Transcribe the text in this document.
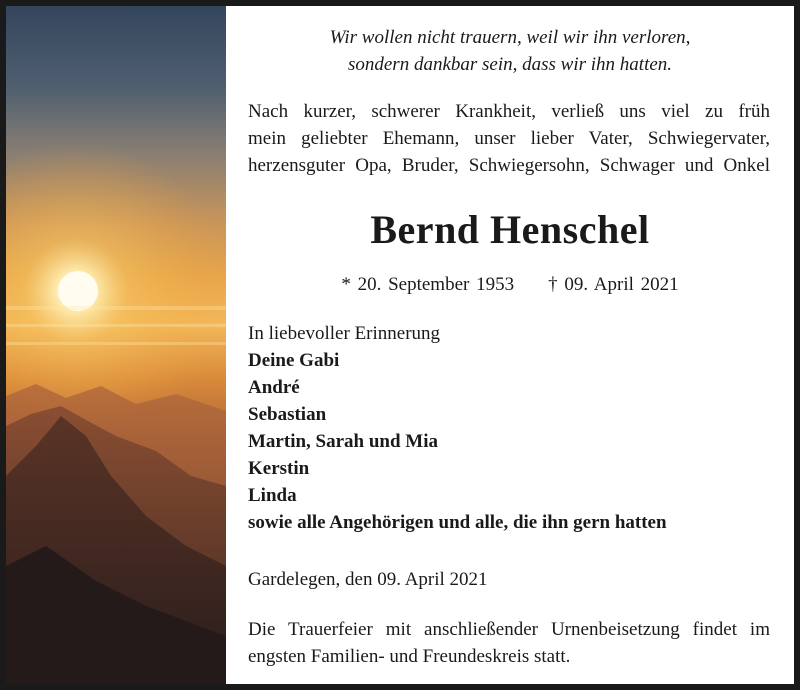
Wir wollen nicht trauern, weil wir ihn verloren,
sondern dankbar sein, dass wir ihn hatten.
Nach kurzer, schwerer Krankheit, verließ uns viel zu früh
mein geliebter Ehemann, unser lieber Vater, Schwiegervater,
herzensguter Opa, Bruder, Schwiegersohn, Schwager und Onkel
Bernd Henschel
* 20. September 1953 † 09. April 2021
In liebevoller Erinnerung
Deine Gabi
André
Sebastian
Martin, Sarah und Mia
Kerstin
Linda
sowie alle Angehörigen und alle, die ihn gern hatten
Gardelegen, den 09. April 2021
Die Trauerfeier mit anschließender Urnenbeisetzung findet im
engsten Familien- und Freundeskreis statt.
